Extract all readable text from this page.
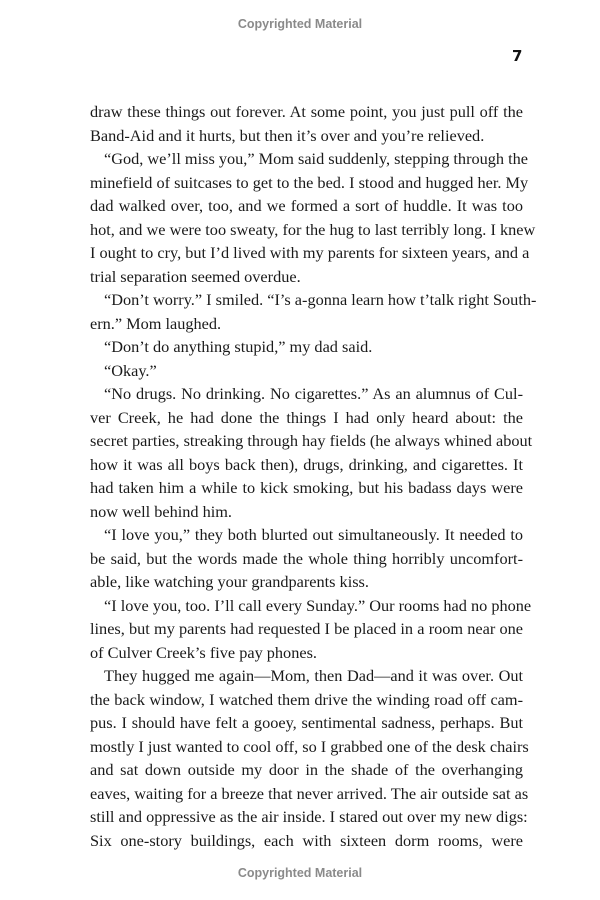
Copyrighted Material
7
draw these things out forever. At some point, you just pull off the
Band-Aid and it hurts, but then it’s over and you’re relieved.
“God, we’ll miss you,” Mom said suddenly, stepping through the
minefield of suitcases to get to the bed. I stood and hugged her. My
dad walked over, too, and we formed a sort of huddle. It was too
hot, and we were too sweaty, for the hug to last terribly long. I knew
I ought to cry, but I’d lived with my parents for sixteen years, and a
trial separation seemed overdue.
“Don’t worry.” I smiled. “I’s a-gonna learn how t’talk right South-
ern.” Mom laughed.
“Don’t do anything stupid,” my dad said.
“Okay.”
“No drugs. No drinking. No cigarettes.” As an alumnus of Cul-
ver Creek, he had done the things I had only heard about: the
secret parties, streaking through hay fields (he always whined about
how it was all boys back then), drugs, drinking, and cigarettes. It
had taken him a while to kick smoking, but his badass days were
now well behind him.
“I love you,” they both blurted out simultaneously. It needed to
be said, but the words made the whole thing horribly uncomfort-
able, like watching your grandparents kiss.
“I love you, too. I’ll call every Sunday.” Our rooms had no phone
lines, but my parents had requested I be placed in a room near one
of Culver Creek’s five pay phones.
They hugged me again—Mom, then Dad—and it was over. Out
the back window, I watched them drive the winding road off cam-
pus. I should have felt a gooey, sentimental sadness, perhaps. But
mostly I just wanted to cool off, so I grabbed one of the desk chairs
and sat down outside my door in the shade of the overhanging
eaves, waiting for a breeze that never arrived. The air outside sat as
still and oppressive as the air inside. I stared out over my new digs:
Six one-story buildings, each with sixteen dorm rooms, were
Copyrighted Material
